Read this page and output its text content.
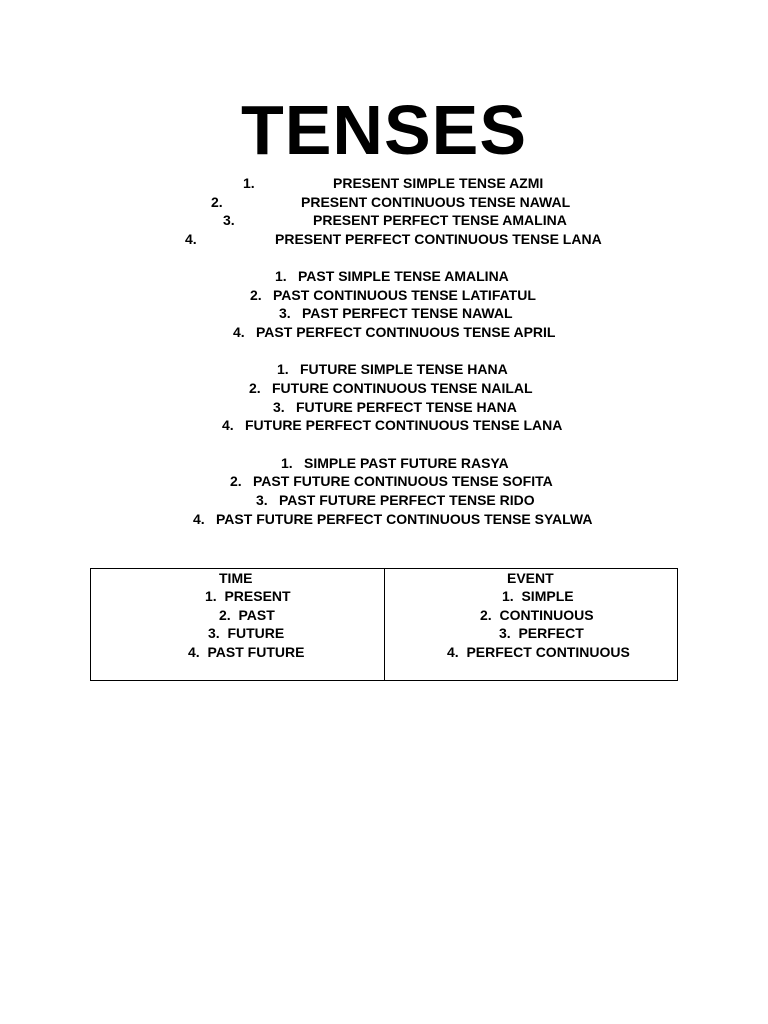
TENSES

1.

	PRESENT SIMPLE TENSE AZMI

2.

	PRESENT CONTINUOUS TENSE NAWAL

3.

	PRESENT PERFECT TENSE AMALINA

4.

	PRESENT PERFECT CONTINUOUS TENSE LANA

1.

PAST SIMPLE TENSE AMALINA

2.

PAST CONTINUOUS TENSE LATIFATUL

3.

PAST PERFECT TENSE NAWAL

4.

PAST PERFECT CONTINUOUS TENSE APRIL

1.

FUTURE SIMPLE TENSE HANA

2.

FUTURE CONTINUOUS TENSE NAILAL

3.

FUTURE PERFECT TENSE HANA

4.

FUTURE PERFECT CONTINUOUS TENSE LANA

1.

SIMPLE PAST FUTURE RASYA

2.

PAST FUTURE CONTINUOUS TENSE SOFITA

3.

PAST FUTURE PERFECT TENSE RIDO

4.

PAST FUTURE PERFECT CONTINUOUS TENSE SYALWA

TIME
1. PRESENT
2. PAST
3. FUTURE
4. PAST FUTURE
EVENT
1. SIMPLE
2. CONTINUOUS
3. PERFECT
4. PERFECT CONTINUOUS
